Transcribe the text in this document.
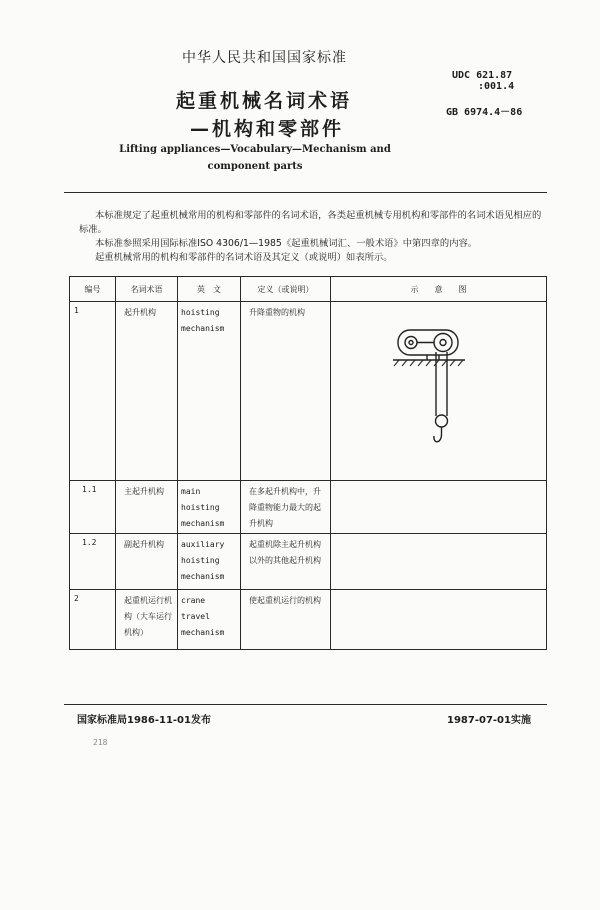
中华人民共和国国家标准
UDC 621.87
:001.4
GB 6974.4－86
起重机械名词术语
—机构和零部件
Lifting appliances—Vocabulary—Mechanism and
component parts
本标准规定了起重机械常用的机构和零部件的名词术语，各类起重机械专用机构和零部件的名词术语见相应的标准。
本标准参照采用国际标准ISO 4306/1—1985《起重机械词汇、一般术语》中第四章的内容。
起重机械常用的机构和零部件的名词术语及其定义（或说明）如表所示。
编号	名词术语	英　文	定义（或说明）	示　　意　　图
1	起升机构	hoisting mechanism	升降重物的机构	
1.1	主起升机构	main hoisting mechanism	在多起升机构中，升降重物能力最大的起升机构	
1.2	副起升机构	auxiliary hoisting mechanism	起重机除主起升机构以外的其他起升机构	
2	起重机运行机构（大车运行机构）	crane travel mechanism	使起重机运行的机构	
国家标准局1986-11-01发布	1987-07-01实施
218
